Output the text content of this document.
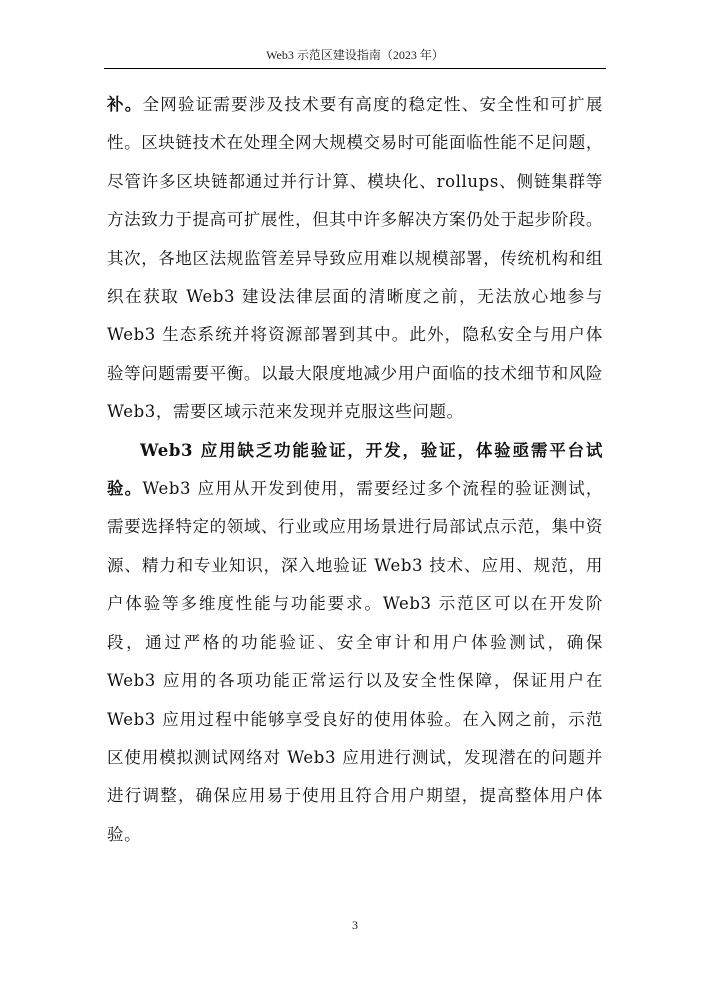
Web3 示范区建设指南（2023 年）

补。全网验证需要涉及技术要有高度的稳定性、安全性和可扩展性。区块链技术在处理全网大规模交易时可能面临性能不足问题，尽管许多区块链都通过并行计算、模块化、rollups、侧链集群等方法致力于提高可扩展性，但其中许多解决方案仍处于起步阶段。其次，各地区法规监管差异导致应用难以规模部署，传统机构和组织在获取 Web3 建设法律层面的清晰度之前，无法放心地参与 Web3 生态系统并将资源部署到其中。此外，隐私安全与用户体验等问题需要平衡。以最大限度地减少用户面临的技术细节和风险 Web3，需要区域示范来发现并克服这些问题。

Web3 应用缺乏功能验证，开发，验证，体验亟需平台试验。Web3 应用从开发到使用，需要经过多个流程的验证测试，需要选择特定的领域、行业或应用场景进行局部试点示范，集中资源、精力和专业知识，深入地验证 Web3 技术、应用、规范，用户体验等多维度性能与功能要求。Web3 示范区可以在开发阶段，通过严格的功能验证、安全审计和用户体验测试，确保 Web3 应用的各项功能正常运行以及安全性保障，保证用户在 Web3 应用过程中能够享受良好的使用体验。在入网之前，示范区使用模拟测试网络对 Web3 应用进行测试，发现潜在的问题并进行调整，确保应用易于使用且符合用户期望，提高整体用户体验。

3
